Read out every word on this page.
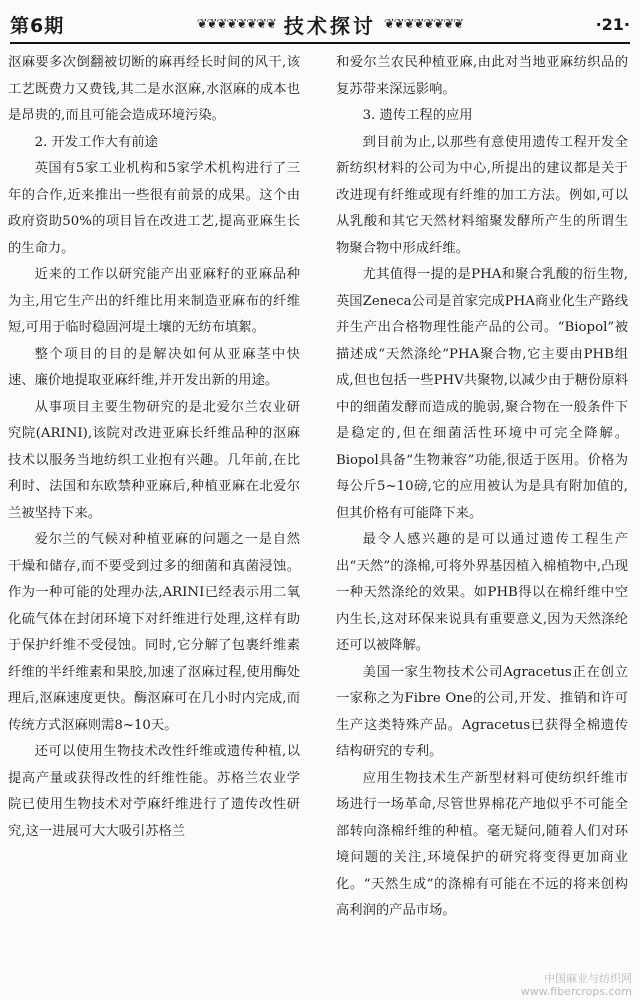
第6期	❦❦❦❦❦❦❦❦ 技术探讨 ❦❦❦❦❦❦❦❦	·21·

沤麻要多次倒翻被切断的麻再经长时间的风干,该工艺既费力又费钱,其二是水沤麻,水沤麻的成本也是昂贵的,而且可能会造成环境污染。

2. 开发工作大有前途

英国有5家工业机构和5家学术机构进行了三年的合作,近来推出一些很有前景的成果。这个由政府资助50%的项目旨在改进工艺,提高亚麻生长的生命力。

近来的工作以研究能产出亚麻籽的亚麻品种为主,用它生产出的纤维比用来制造亚麻布的纤维短,可用于临时稳固河堤土壤的无纺布填絮。

整个项目的目的是解决如何从亚麻茎中快速、廉价地提取亚麻纤维,并开发出新的用途。

从事项目主要生物研究的是北爱尔兰农业研究院(ARINI),该院对改进亚麻长纤维品种的沤麻技术以服务当地纺织工业抱有兴趣。几年前,在比利时、法国和东欧禁种亚麻后,种植亚麻在北爱尔兰被坚持下来。

爱尔兰的气候对种植亚麻的问题之一是自然干燥和储存,而不要受到过多的细菌和真菌浸蚀。作为一种可能的处理办法,ARINI已经表示用二氧化硫气体在封闭环境下对纤维进行处理,这样有助于保护纤维不受侵蚀。同时,它分解了包裹纤维素纤维的半纤维素和果胶,加速了沤麻过程,使用酶处理后,沤麻速度更快。酶沤麻可在几小时内完成,而传统方式沤麻则需8~10天。

还可以使用生物技术改性纤维或遗传种植,以提高产量或获得改性的纤维性能。苏格兰农业学院已使用生物技术对苧麻纤维进行了遗传改性研究,这一进展可大大吸引苏格兰

和爱尔兰农民种植亚麻,由此对当地亚麻纺织品的复苏带来深远影响。

3. 遗传工程的应用

到目前为止,以那些有意使用遗传工程开发全新纺织材料的公司为中心,所提出的建议都是关于改进现有纤维或现有纤维的加工方法。例如,可以从乳酸和其它天然材料缩聚发酵所产生的所谓生物聚合物中形成纤维。

尤其值得一提的是PHA和聚合乳酸的衍生物,英国Zeneca公司是首家完成PHA商业化生产路线并生产出合格物理性能产品的公司。“Biopol”被描述成“天然涤纶”PHA聚合物,它主要由PHB组成,但也包括一些PHV共聚物,以减少由于糖份原料中的细菌发酵而造成的脆弱,聚合物在一般条件下是稳定的,但在细菌活性环境中可完全降解。Biopol具备“生物兼容”功能,很适于医用。价格为每公斤5~10磅,它的应用被认为是具有附加值的,但其价格有可能降下来。

最令人感兴趣的是可以通过遗传工程生产出“天然”的涤棉,可将外界基因植入棉植物中,凸现一种天然涤纶的效果。如PHB得以在棉纤维中空内生长,这对环保来说具有重要意义,因为天然涤纶还可以被降解。

美国一家生物技术公司Agracetus正在创立一家称之为Fibre One的公司,开发、推销和许可生产这类特殊产品。Agracetus已获得全棉遗传结构研究的专利。

应用生物技术生产新型材料可使纺织纤维市场进行一场革命,尽管世界棉花产地似乎不可能全部转向涤棉纤维的种植。毫无疑问,随着人们对环境问题的关注,环境保护的研究将变得更加商业化。“天然生成”的涤棉有可能在不远的将来创构高利润的产品市场。

中国麻业与纺织网
www.fibercrops.com
